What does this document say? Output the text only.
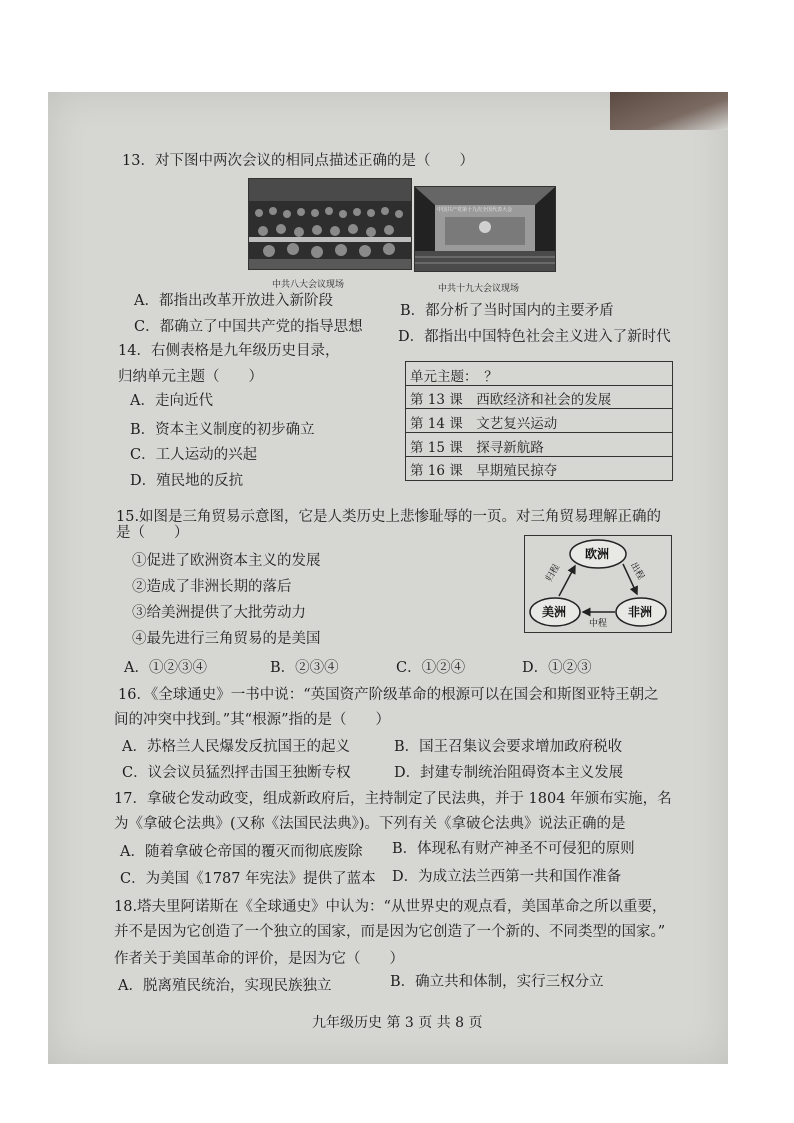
13．对下图中两次会议的相同点描述正确的是（　　）
中国共产党第十九次全国代表大会
中共八大会议现场	中共十九大会议现场
A．都指出改革开放进入新阶段
B．都分析了当时国内的主要矛盾
C．都确立了中国共产党的指导思想
D．都指出中国特色社会主义进入了新时代
14．右侧表格是九年级历史目录，
归纳单元主题（　　）
A．走向近代
B．资本主义制度的初步确立
C．工人运动的兴起
D．殖民地的反抗
单元主题：　？
第 13 课　西欧经济和社会的发展
第 14 课　文艺复兴运动
第 15 课　探寻新航路
第 16 课　早期殖民掠夺
15.如图是三角贸易示意图，它是人类历史上悲惨耻辱的一页。对三角贸易理解正确的
是（　　）
①促进了欧洲资本主义的发展
②造成了非洲长期的落后
③给美洲提供了大批劳动力
④最先进行三角贸易的是美国
A．①②③④	B．②③④	C．①②④	D．①②③
欧洲
美洲	非洲
出程
中程
归程
16．《全球通史》一书中说：“英国资产阶级革命的根源可以在国会和斯图亚特王朝之
间的冲突中找到。”其“根源”指的是（　　）
A．苏格兰人民爆发反抗国王的起义	B．国王召集议会要求增加政府税收
C．议会议员猛烈抨击国王独断专权	D．封建专制统治阻碍资本主义发展
17．拿破仑发动政变，组成新政府后，主持制定了民法典，并于 1804 年颁布实施，名
为《拿破仑法典》(又称《法国民法典》)。下列有关《拿破仑法典》说法正确的是
A．随着拿破仑帝国的覆灭而彻底废除 B．体现私有财产神圣不可侵犯的原则
C．为美国《1787 年宪法》提供了蓝本 D．为成立法兰西第一共和国作准备
18.塔夫里阿诺斯在《全球通史》中认为：“从世界史的观点看，美国革命之所以重要，
并不是因为它创造了一个独立的国家，而是因为它创造了一个新的、不同类型的国家。”
作者关于美国革命的评价，是因为它（　　）
A．脱离殖民统治，实现民族独立	B．确立共和体制，实行三权分立
九年级历史 第 3 页 共 8 页
